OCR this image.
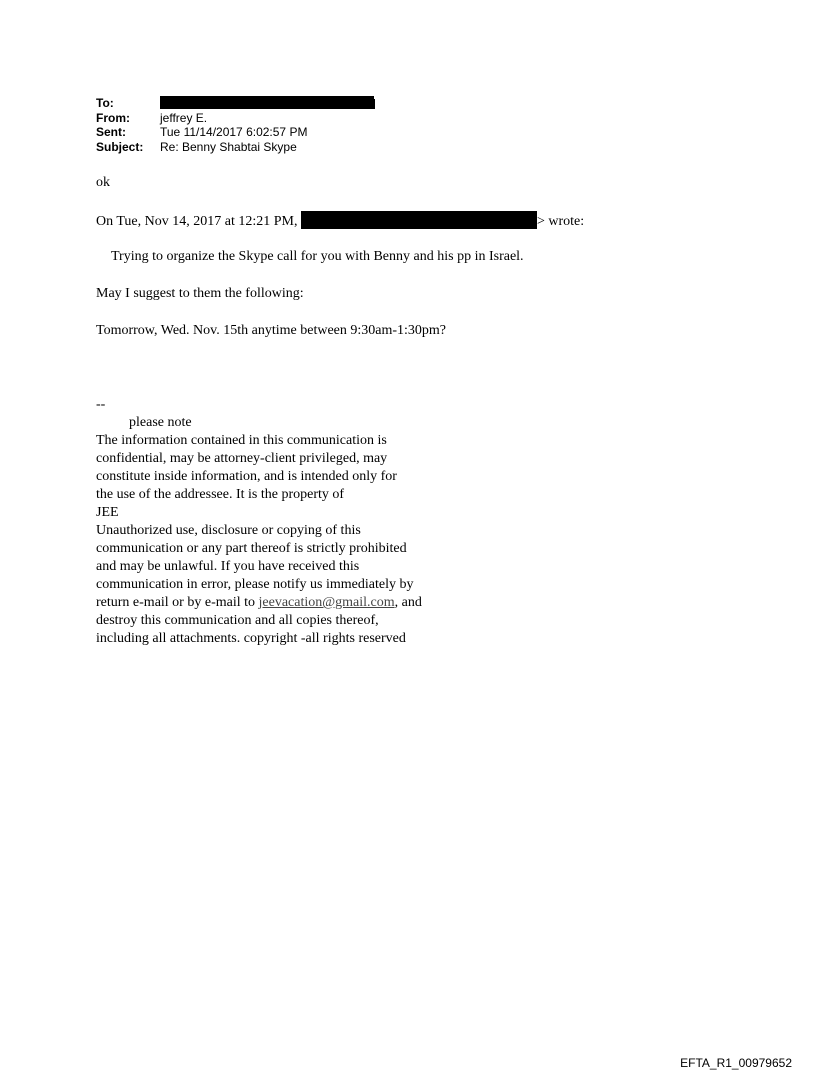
To:
From:	jeffrey E.
Sent:	Tue 11/14/2017 6:02:57 PM
Subject:	Re: Benny Shabtai Skype
ok
On Tue, Nov 14, 2017 at 12:21 PM,	> wrote:
Trying to organize the Skype call for you with Benny and his pp in Israel.
May I suggest to them the following:
Tomorrow, Wed. Nov. 15th anytime between 9:30am-1:30pm?
--
please note
The information contained in this communication is
confidential, may be attorney-client privileged, may
constitute inside information, and is intended only for
the use of the addressee. It is the property of
JEE
Unauthorized use, disclosure or copying of this
communication or any part thereof is strictly prohibited
and may be unlawful. If you have received this
communication in error, please notify us immediately by
return e-mail or by e-mail to jeevacation@gmail.com, and
destroy this communication and all copies thereof,
including all attachments. copyright -all rights reserved
EFTA_R1_00979652
